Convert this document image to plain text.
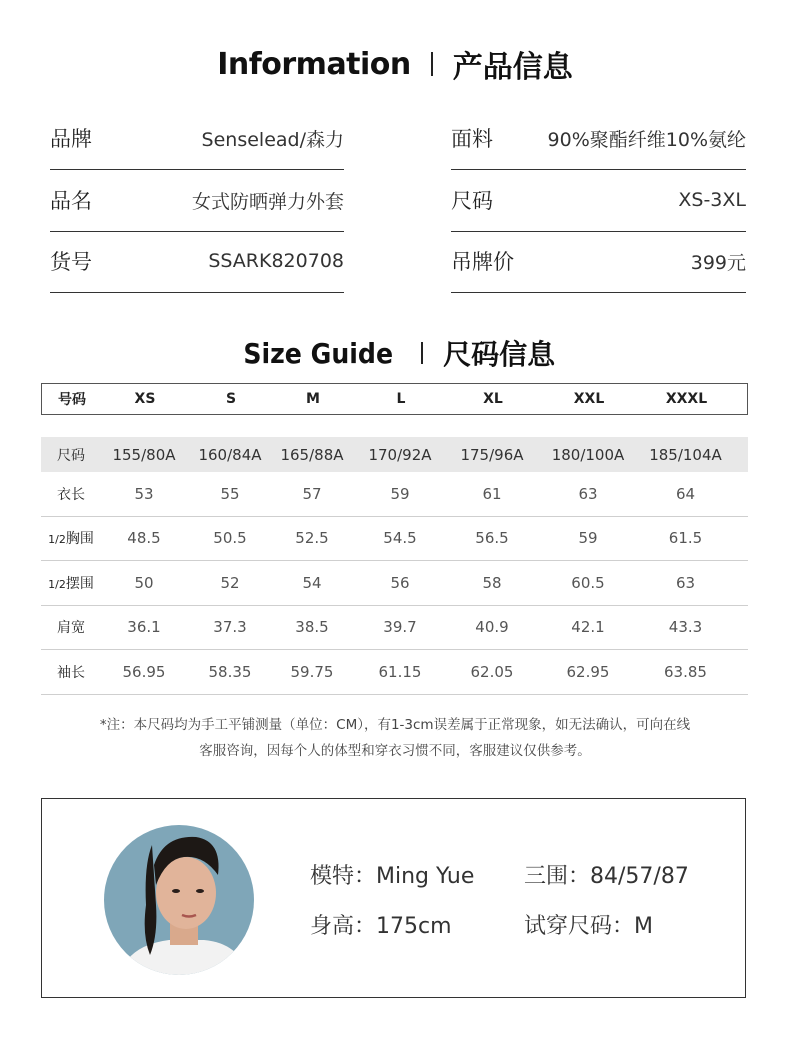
Information 产品信息
品牌	Senselead/森力
品名	女式防晒弹力外套
货号	SSARK820708
面料	90%聚酯纤维10%氨纶
尺码	XS-3XL
吊牌价	399元
Size Guide 尺码信息
号码	XS	S	M	L	XL	XXL	XXXL
尺码	155/80A	160/84A	165/88A	170/92A	175/96A	180/100A	185/104A
衣长	53	55	57	59	61	63	64
1/2胸围	48.5	50.5	52.5	54.5	56.5	59	61.5
1/2摆围	50	52	54	56	58	60.5	63
肩宽	36.1	37.3	38.5	39.7	40.9	42.1	43.3
袖长	56.95	58.35	59.75	61.15	62.05	62.95	63.85
*注：本尺码均为手工平铺测量（单位：CM），有1-3cm误差属于正常现象，如无法确认，可向在线
客服咨询，因每个人的体型和穿衣习惯不同，客服建议仅供参考。
模特：Ming Yue
身高：175cm
三围：84/57/87
试穿尺码：M
